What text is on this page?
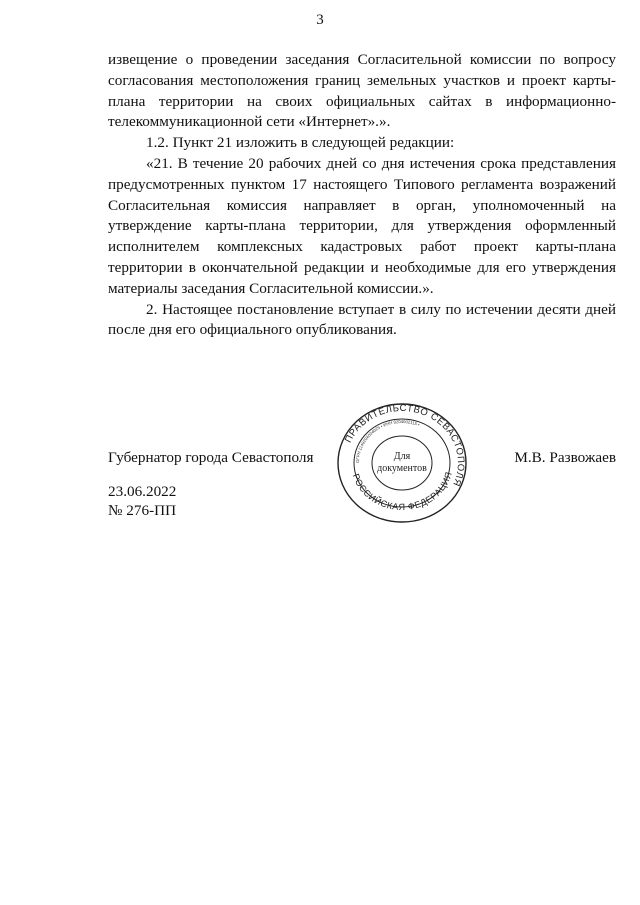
3

извещение о проведении заседания Согласительной комиссии по вопросу согласования местоположения границ земельных участков и проект карты-плана территории на своих официальных сайтах в информационно-телекоммуникационной сети «Интернет».».

1.2. Пункт 21 изложить в следующей редакции:

«21. В течение 20 рабочих дней со дня истечения срока представления предусмотренных пунктом 17 настоящего Типового регламента возражений Согласительная комиссия направляет в орган, уполномоченный на утверждение карты-плана территории, для утверждения оформленный исполнителем комплексных кадастровых работ проект карты-плана территории в окончательной редакции и необходимые для его утверждения материалы заседания Согласительной комиссии.».

2. Настоящее постановление вступает в силу по истечении десяти дней после дня его официального опубликования.

Губернатор города Севастополя	М.В. Развожаев
23.06.2022
№ 276-ПП
ПРАВИТЕЛЬСТВО СЕВАСТОПОЛЯ
РОССИЙСКАЯ ФЕДЕРАЦИЯ
ОГРН 1149204004025 • ИНН 9204002115 •
Для
документов
